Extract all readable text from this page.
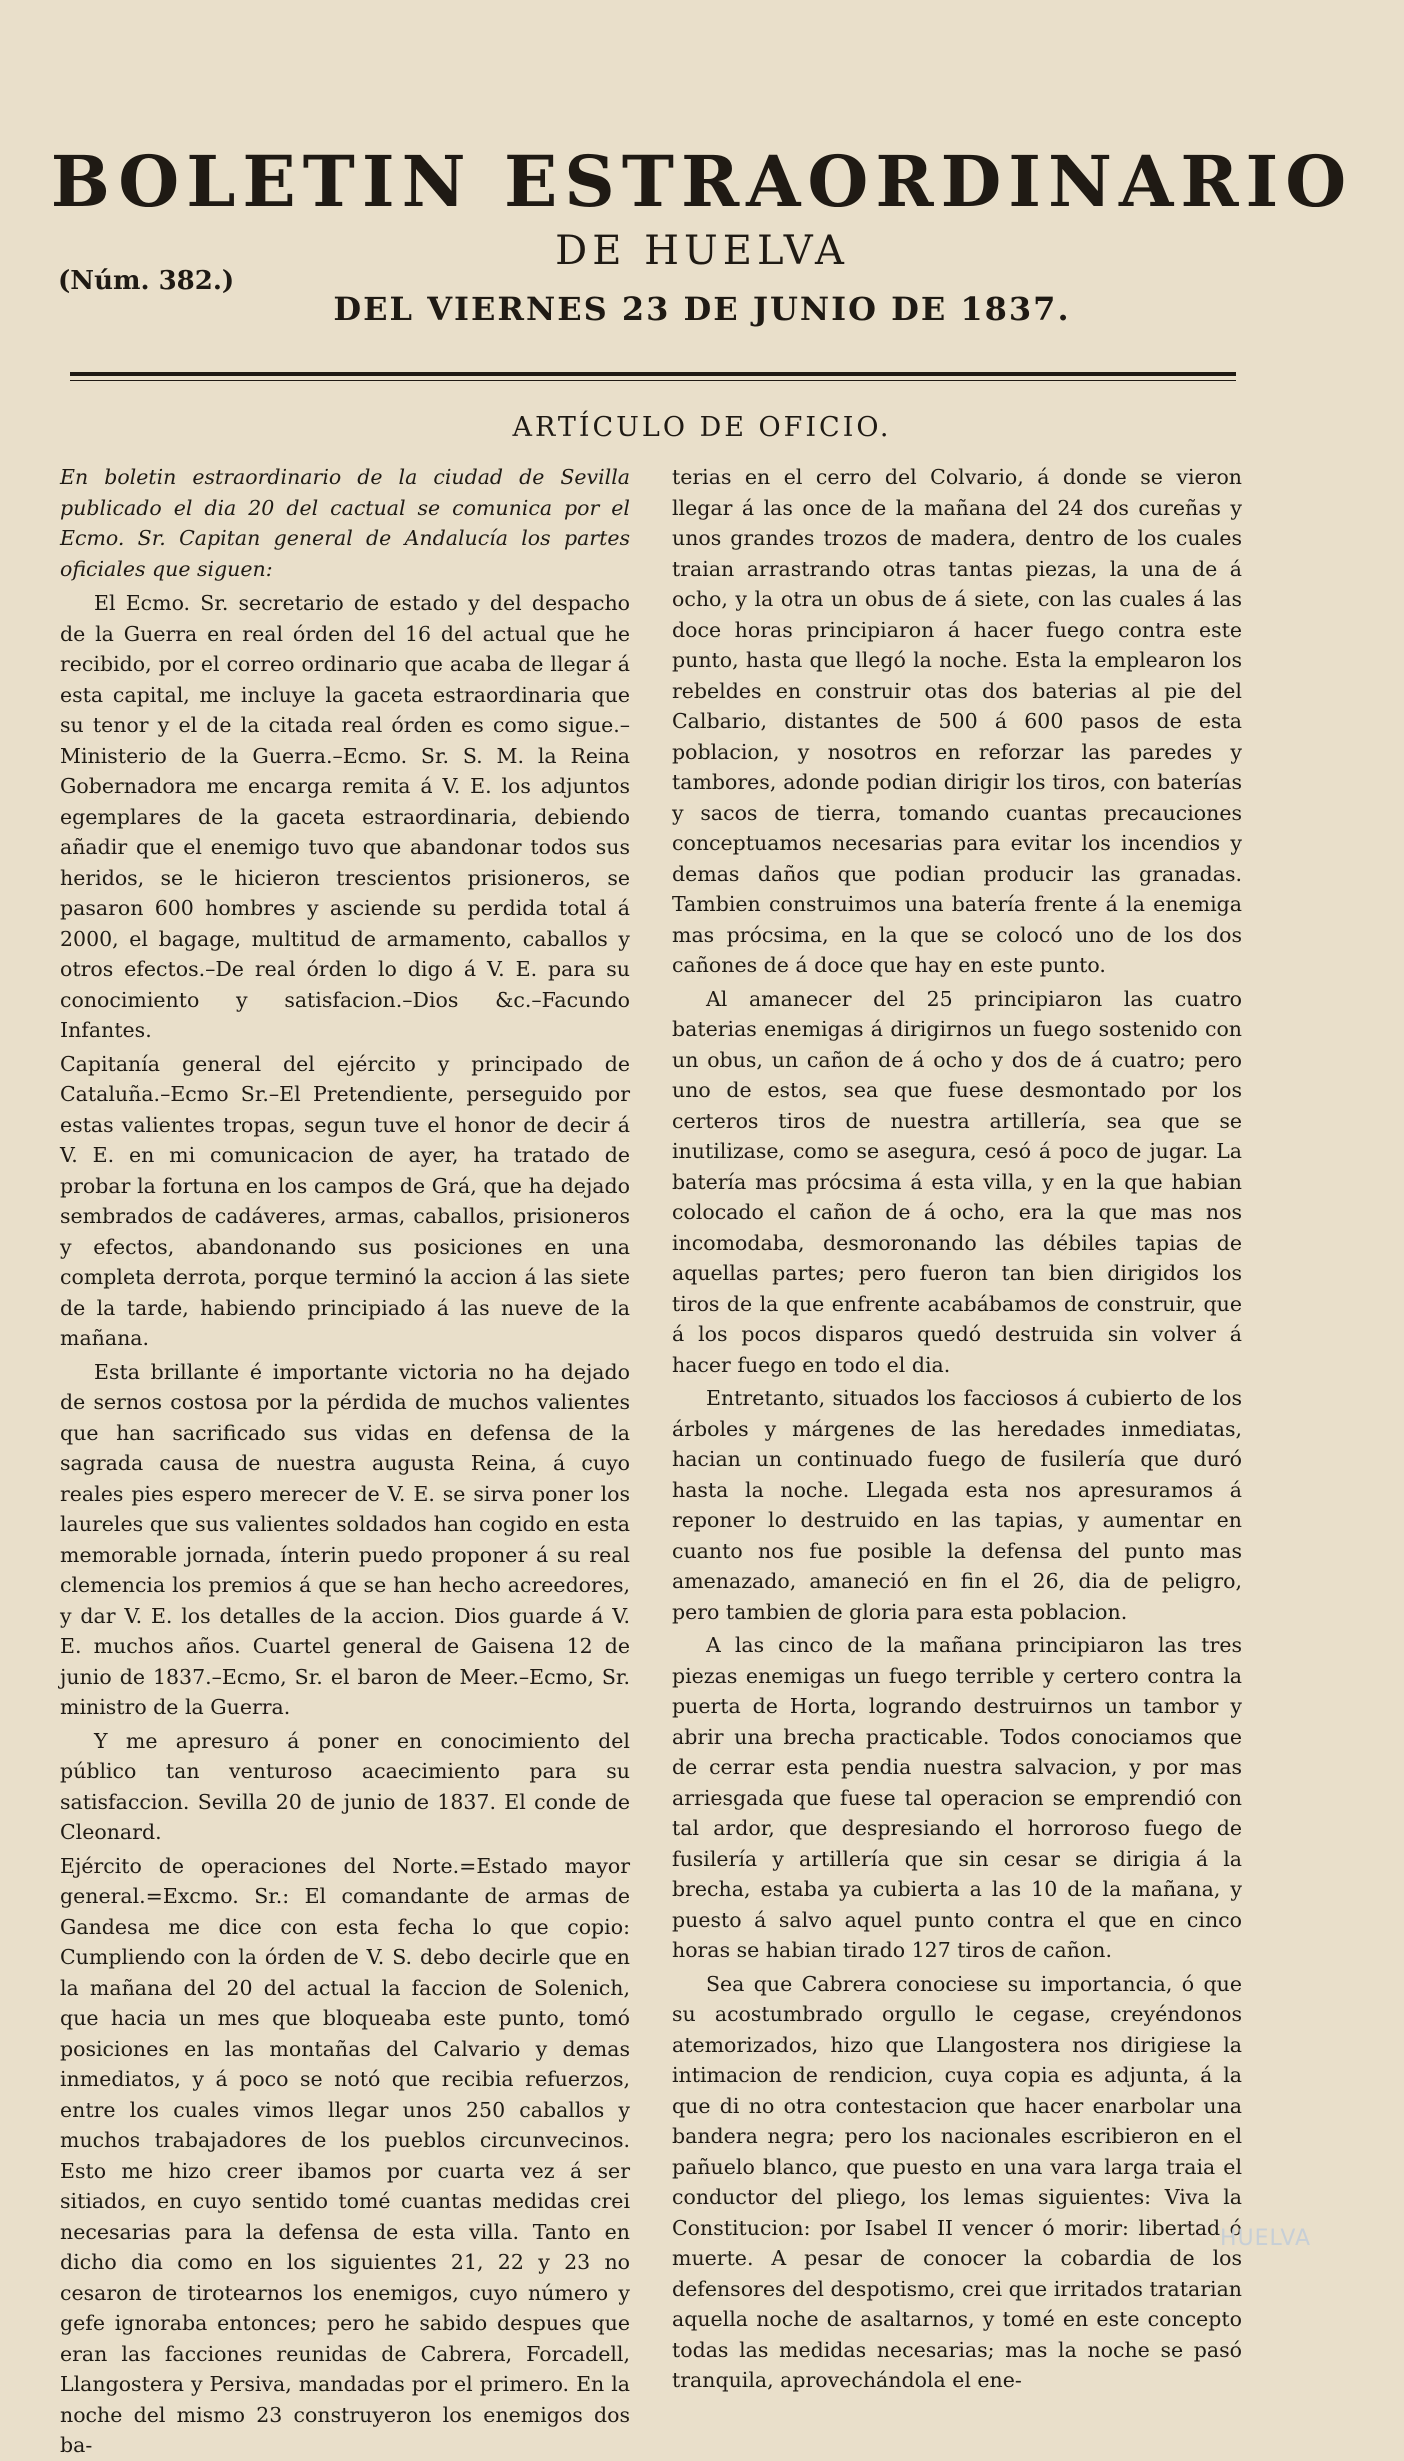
BOLETIN ESTRAORDINARIO
DE HUELVA
(Núm. 382.)
DEL VIERNES 23 DE JUNIO DE 1837.
ARTÍCULO DE OFICIO.

En boletin estraordinario de la ciudad de Sevilla publicado el dia 20 del cactual se comunica por el Ecmo. Sr. Capitan general de Andalucía los partes oficiales que siguen:

El Ecmo. Sr. secretario de estado y del despacho de la Guerra en real órden del 16 del actual que he recibido, por el correo ordinario que acaba de llegar á esta capital, me incluye la gaceta estraordinaria que su tenor y el de la citada real órden es como sigue.–Ministerio de la Guerra.–Ecmo. Sr. S. M. la Reina Gobernadora me encarga remita á V. E. los adjuntos egemplares de la gaceta estraordinaria, debiendo añadir que el enemigo tuvo que abandonar todos sus heridos, se le hicieron trescientos prisioneros, se pasaron 600 hombres y asciende su perdida total á 2000, el bagage, multitud de armamento, caballos y otros efectos.–De real órden lo digo á V. E. para su conocimiento y satisfacion.–Dios &c.–Facundo Infantes.

Capitanía general del ejército y principado de Cataluña.–Ecmo Sr.–El Pretendiente, perseguido por estas valientes tropas, segun tuve el honor de decir á V. E. en mi comunicacion de ayer, ha tratado de probar la fortuna en los campos de Grá, que ha dejado sembrados de cadáveres, armas, caballos, prisioneros y efectos, abandonando sus posiciones en una completa derrota, porque terminó la accion á las siete de la tarde, habiendo principiado á las nueve de la mañana.

Esta brillante é importante victoria no ha dejado de sernos costosa por la pérdida de muchos valientes que han sacrificado sus vidas en defensa de la sagrada causa de nuestra augusta Reina, á cuyo reales pies espero merecer de V. E. se sirva poner los laureles que sus valientes soldados han cogido en esta memorable jornada, ínterin puedo proponer á su real clemencia los premios á que se han hecho acreedores, y dar V. E. los detalles de la accion. Dios guarde á V. E. muchos años. Cuartel general de Gaisena 12 de junio de 1837.–Ecmo, Sr. el baron de Meer.–Ecmo, Sr. ministro de la Guerra.

Y me apresuro á poner en conocimiento del público tan venturoso acaecimiento para su satisfaccion. Sevilla 20 de junio de 1837. El conde de Cleonard.

Ejército de operaciones del Norte.=Estado mayor general.=Excmo. Sr.: El comandante de armas de Gandesa me dice con esta fecha lo que copio: Cumpliendo con la órden de V. S. debo decirle que en la mañana del 20 del actual la faccion de Solenich, que hacia un mes que bloqueaba este punto, tomó posiciones en las montañas del Calvario y demas inmediatos, y á poco se notó que recibia refuerzos, entre los cuales vimos llegar unos 250 caballos y muchos trabajadores de los pueblos circunvecinos. Esto me hizo creer ibamos por cuarta vez á ser sitiados, en cuyo sentido tomé cuantas medidas crei necesarias para la defensa de esta villa. Tanto en dicho dia como en los siguientes 21, 22 y 23 no cesaron de tirotearnos los enemigos, cuyo número y gefe ignoraba entonces; pero he sabido despues que eran las facciones reunidas de Cabrera, Forcadell, Llangostera y Persiva, mandadas por el primero. En la noche del mismo 23 construyeron los enemigos dos ba-

terias en el cerro del Colvario, á donde se vieron llegar á las once de la mañana del 24 dos cureñas y unos grandes trozos de madera, dentro de los cuales traian arrastrando otras tantas piezas, la una de á ocho, y la otra un obus de á siete, con las cuales á las doce horas principiaron á hacer fuego contra este punto, hasta que llegó la noche. Esta la emplearon los rebeldes en construir otas dos baterias al pie del Calbario, distantes de 500 á 600 pasos de esta poblacion, y nosotros en reforzar las paredes y tambores, adonde podian dirigir los tiros, con baterías y sacos de tierra, tomando cuantas precauciones conceptuamos necesarias para evitar los incendios y demas daños que podian producir las granadas. Tambien construimos una batería frente á la enemiga mas prócsima, en la que se colocó uno de los dos cañones de á doce que hay en este punto.

Al amanecer del 25 principiaron las cuatro baterias enemigas á dirigirnos un fuego sostenido con un obus, un cañon de á ocho y dos de á cuatro; pero uno de estos, sea que fuese desmontado por los certeros tiros de nuestra artillería, sea que se inutilizase, como se asegura, cesó á poco de jugar. La batería mas prócsima á esta villa, y en la que habian colocado el cañon de á ocho, era la que mas nos incomodaba, desmoronando las débiles tapias de aquellas partes; pero fueron tan bien dirigidos los tiros de la que enfrente acabábamos de construir, que á los pocos disparos quedó destruida sin volver á hacer fuego en todo el dia.

Entretanto, situados los facciosos á cubierto de los árboles y márgenes de las heredades inmediatas, hacian un continuado fuego de fusilería que duró hasta la noche. Llegada esta nos apresuramos á reponer lo destruido en las tapias, y aumentar en cuanto nos fue posible la defensa del punto mas amenazado, amaneció en fin el 26, dia de peligro, pero tambien de gloria para esta poblacion.

A las cinco de la mañana principiaron las tres piezas enemigas un fuego terrible y certero contra la puerta de Horta, logrando destruirnos un tambor y abrir una brecha practicable. Todos conociamos que de cerrar esta pendia nuestra salvacion, y por mas arriesgada que fuese tal operacion se emprendió con tal ardor, que despresiando el horroroso fuego de fusilería y artillería que sin cesar se dirigia á la brecha, estaba ya cubierta a las 10 de la mañana, y puesto á salvo aquel punto contra el que en cinco horas se habian tirado 127 tiros de cañon.

Sea que Cabrera conociese su importancia, ó que su acostumbrado orgullo le cegase, creyéndonos atemorizados, hizo que Llangostera nos dirigiese la intimacion de rendicion, cuya copia es adjunta, á la que di no otra contestacion que hacer enarbolar una bandera negra; pero los nacionales escribieron en el pañuelo blanco, que puesto en una vara larga traia el conductor del pliego, los lemas siguientes: Viva la Constitucion: por Isabel II vencer ó morir: libertad ó muerte. A pesar de conocer la cobardia de los defensores del despotismo, crei que irritados tratarian aquella noche de asaltarnos, y tomé en este concepto todas las medidas necesarias; mas la noche se pasó tranquila, aprovechándola el ene-

HUELVA
